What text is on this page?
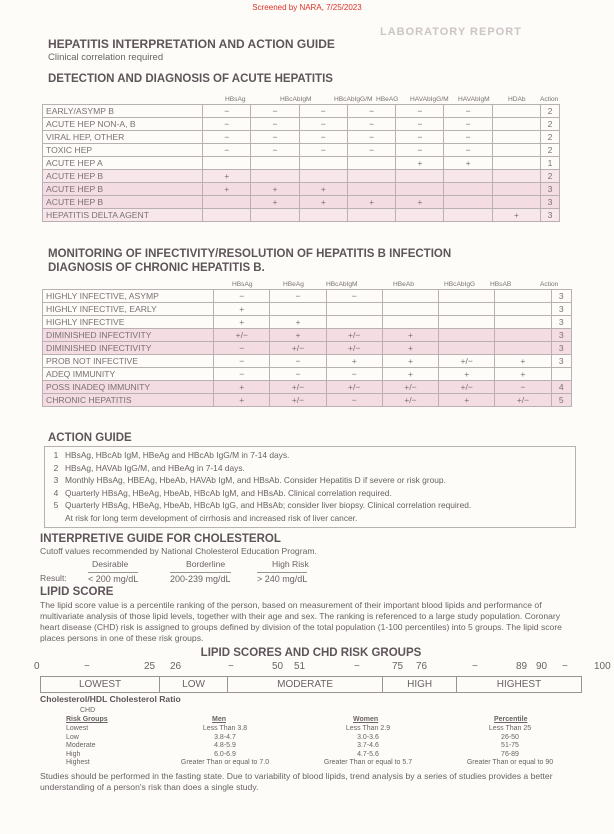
Screened by NARA, 7/25/2023
LABORATORY REPORT
HEPATITIS INTERPRETATION AND ACTION GUIDE
Clinical correlation required
DETECTION AND DIAGNOSIS OF ACUTE HEPATITIS
HBsAg	HBcAbIgM	HBcAbIgG/M HBeAG HAVAbIgG/M HAVAbIgM	HDAb Action
EARLY/ASYMP B	−	−	−	−	−	−		2
ACUTE HEP NON-A, B	−	−	−	−	−	−		2
VIRAL HEP, OTHER	−	−	−	−	−	−		2
TOXIC HEP	−	−	−	−	−	−		2
ACUTE HEP A					+	+		1
ACUTE HEP B	+							2
ACUTE HEP B	+	+	+					3
ACUTE HEP B		+	+	+	+			3
HEPATITIS DELTA AGENT							+	3
MONITORING OF INFECTIVITY/RESOLUTION OF HEPATITIS B INFECTION
DIAGNOSIS OF CHRONIC HEPATITIS B.
HBsAg	HBeAg	HBcAbIgM	HBeAb	HBcAbIgG HBsAB	Action
HIGHLY INFECTIVE, ASYMP	−	−	−				3
HIGHLY INFECTIVE, EARLY	+						3
HIGHLY INFECTIVE	+	+					3
DIMINISHED INFECTIVITY	+/−	+	+/−	+			3
DIMINISHED INFECTIVITY	−	+/−	+/−	+			3
PROB NOT INFECTIVE	−	−	+	+	+/−	+	3
ADEQ IMMUNITY	−	−	−	+	+	+	
POSS INADEQ IMMUNITY	+	+/−	+/−	+/−	+/−	−	4
CHRONIC HEPATITIS	+	+/−	−	+/−	+	+/−	5
ACTION GUIDE
1 HBsAg, HBcAb IgM, HBeAg and HBcAb IgG/M in 7-14 days.
2 HBsAg, HAVAb IgG/M, and HBeAg in 7-14 days.
3 Monthly HBsAg, HBEAg, HbeAb, HAVAb IgM, and HBsAb. Consider Hepatitis D if severe or risk group.
4 Quarterly HBsAg, HBeAg, HbeAb, HBcAb IgM, and HBsAb. Clinical correlation required.
5 Quarterly HBsAg, HBeAg, HbeAb, HBcAb IgG, and HBsAb; consider liver biopsy. Clinical correlation required.
At risk for long term development of cirrhosis and increased risk of liver cancer.
INTERPRETIVE GUIDE FOR CHOLESTEROL
Cutoff values recommended by National Cholesterol Education Program.
Desirable	Borderline	High Risk
Result: < 200 mg/dL	200-239 mg/dL	> 240 mg/dL
LIPID SCORE
The lipid score value is a percentile ranking of the person, based on measurement of their important blood lipids and performance of multivariate analysis of those lipid levels, together with their age and sex. The ranking is referenced to a large study population. Coronary heart disease (CHD) risk is assigned to groups defined by division of the total population (1-100 percentiles) into 5 groups. The lipid score places persons in one of these risk groups.
LIPID SCORES AND CHD RISK GROUPS
0	−	25 26	−	50 51	−	75 76	−	89 90 −	100
LOWEST	LOW	MODERATE	HIGH	HIGHEST
Cholesterol/HDL Cholesterol Ratio
CHD
Risk Groups	Men	Women	Percentile
Lowest	Less Than 3.8	Less Than 2.9	Less Than 25
Low	3.8-4.7	3.0-3.6	26-50
Moderate	4.8-5.9	3.7-4.6	51-75
High	6.0-6.9	4.7-5.6	76-89
Highest	Greater Than or equal to 7.0	Greater Than or equal to 5.7	Greater Than or equal to 90
Studies should be performed in the fasting state. Due to variability of blood lipids, trend analysis by a series of studies provides a better understanding of a person's risk than does a single study.
